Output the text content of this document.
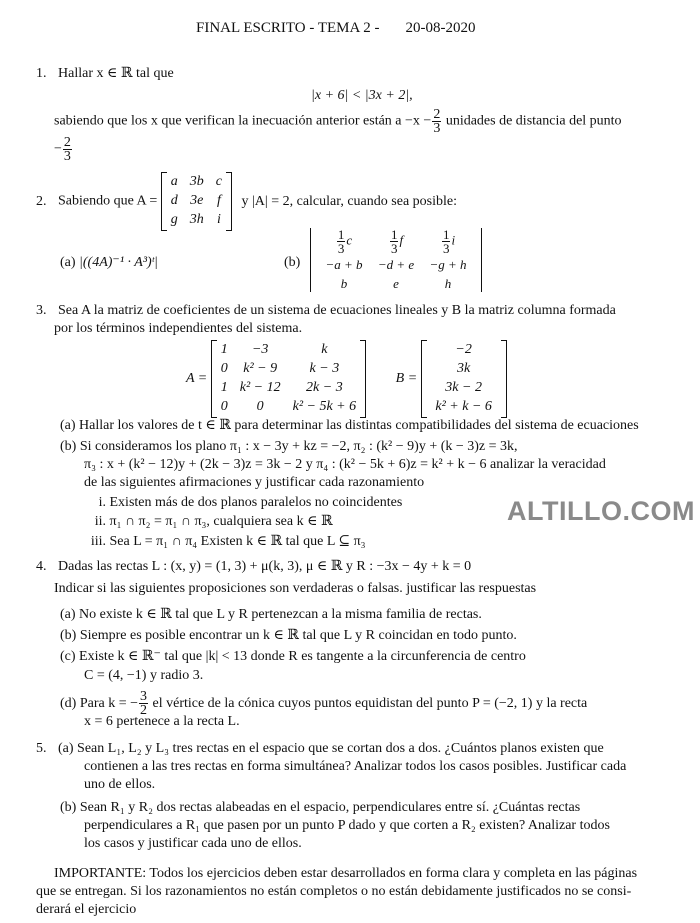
FINAL ESCRITO - TEMA 2 - 20-08-2020
1. Hallar x ∈ ℝ tal que
|x + 6| < |3x + 2|,
sabiendo que los x que verifican la inecuación anterior están $a -x - \frac{2}{3}$ unidades de distancia del punto
− $\frac{2}{3}$
2. Sabiendo que A = a	3b	c
d	3e	f
g	3h	i

y |A| = 2, calcular, cuando sea posible:
(a) |((4A)⁻¹ · A³)ᵗ|	(b)
$\frac{1}{3}$ c	$\frac{1}{3}$ f	$\frac{1}{3}$ i
−a + b	−d + e	−g + h
b	e	h
3. Sea A la matriz de coeficientes de un sistema de ecuaciones lineales y B la matriz columna formada
por los términos independientes del sistema.
A = 1	−3	k
0	k² − 9	k − 3
1	k² − 12	2k − 3
0	0	k² − 5k + 6

B = −2
3k
3k − 2
k² + k − 6

(a) Hallar los valores de t ∈ ℝ para determinar las distintas compatibilidades del sistema de ecuaciones
(b) Si consideramos los plano π₁ : x − 3y + kz = −2, π₂ : (k² − 9)y + (k − 3)z = 3k,
π₃ : x + (k² − 12)y + (2k − 3)z = 3k − 2 y π₄ : (k² − 5k + 6)z = k² + k − 6 analizar la veracidad
de las siguientes afirmaciones y justificar cada razonamiento
i. Existen más de dos planos paralelos no coincidentes
ii. π₁ ∩ π₂ = π₁ ∩ π₃, cualquiera sea k ∈ ℝ
iii. Sea L = π₁ ∩ π₄ Existen k ∈ ℝ tal que L ⊆ π₃
ALTILLO.COM
4. Dadas las rectas L : (x, y) = (1, 3) + μ(k, 3), μ ∈ ℝ y R : −3x − 4y + k = 0
Indicar si las siguientes proposiciones son verdaderas o falsas. justificar las respuestas
(a) No existe k ∈ ℝ tal que L y R pertenezcan a la misma familia de rectas.
(b) Siempre es posible encontrar un k ∈ ℝ tal que L y R coincidan en todo punto.
(c) Existe k ∈ ℝ⁻ tal que |k| < 13 donde R es tangente a la circunferencia de centro
C = (4, −1) y radio 3.
(d) Para k = − $\frac{3}{2}$ el vértice de la cónica cuyos puntos equidistan del punto P = (−2, 1) y la recta
x = 6 pertenece a la recta L.
5. (a) Sean L₁, L₂ y L₃ tres rectas en el espacio que se cortan dos a dos. ¿Cuántos planos existen que
contienen a las tres rectas en forma simultánea? Analizar todos los casos posibles. Justificar cada
uno de ellos.
(b) Sean R₁ y R₂ dos rectas alabeadas en el espacio, perpendiculares entre sí. ¿Cuántas rectas
perpendiculares a R₁ que pasen por un punto P dado y que corten a R₂ existen? Analizar todos
los casos y justificar cada uno de ellos.
IMPORTANTE: Todos los ejercicios deben estar desarrollados en forma clara y completa en las páginas
que se entregan. Si los razonamientos no están completos o no están debidamente justificados no se consi-
derará el ejercicio
